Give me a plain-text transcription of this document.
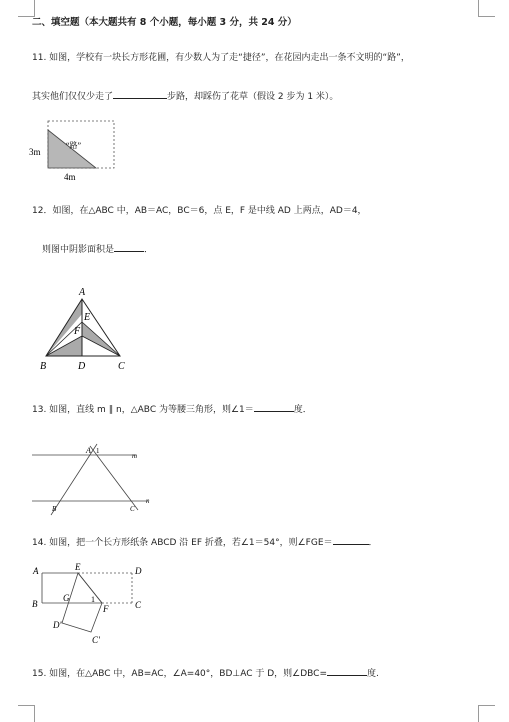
二、填空题（本大题共有 8 个小题，每小题 3 分，共 24 分）
11. 如图，学校有一块长方形花圃，有少数人为了走“捷径”，在花园内走出一条不文明的“路”，
其实他们仅仅少走了	步路，却踩伤了花草（假设 2 步为 1 米）。
3m
4m
“路”
12．如图，在△ABC 中，AB＝AC，BC＝6，点 E，F 是中线 AD 上两点，AD＝4，
则图中阴影面积是	．
A
E
F
B	D	C
13. 如图，直线 m ∥ n，△ABC 为等腰三角形，则∠1＝	度．
A 1
m
n
B	C
14. 如图，把一个长方形纸条 ABCD 沿 EF 折叠，若∠1＝54°，则∠FGE＝	．
A	E	D
B
G	1
C
F
D'
C'
15. 如图，在△ABC 中，AB=AC，∠A=40°，BD⊥AC 于 D，则∠DBC=	度.
